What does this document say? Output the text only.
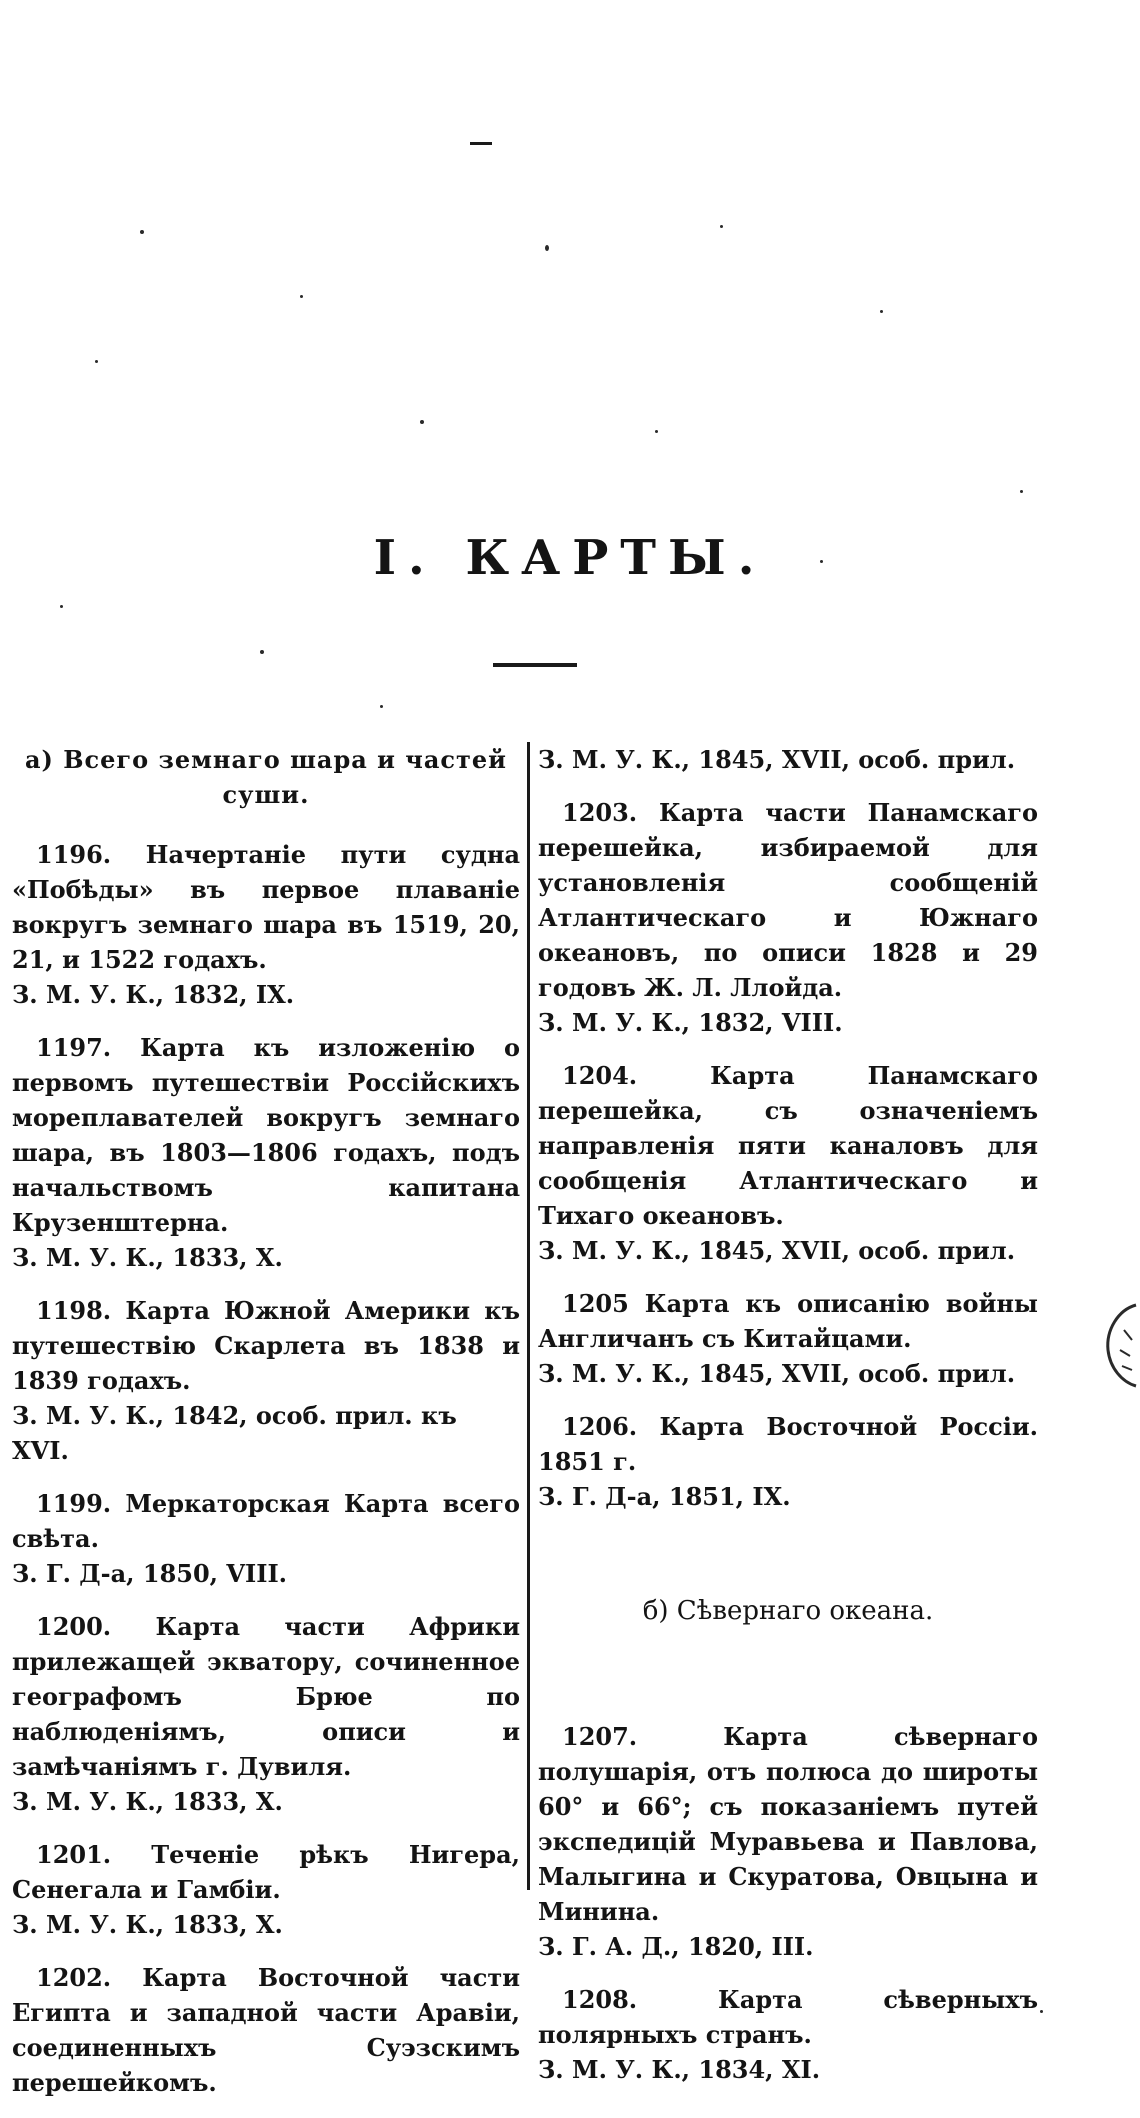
I. КАРТЫ.
а) Всего земнаго шара и частей суши.
1196. Начертаніе пути судна «Побѣды» въ первое плаваніе вокругъ земнаго шара въ 1519, 20, 21, и 1522 годахъ.
З. М. У. К., 1832, IX.
1197. Карта къ изложенію о первомъ путешествіи Россійскихъ мореплавателей вокругъ земнаго шара, въ 1803—1806 годахъ, подъ начальствомъ капитана Крузенштерна.
З. М. У. К., 1833, X.
1198. Карта Южной Америки къ путешествію Скарлета въ 1838 и 1839 годахъ.
З. М. У. К., 1842, особ. прил. къ XVI.
1199. Меркаторская Карта всего свѣта.
З. Г. Д-а, 1850, VIII.
1200. Карта части Африки прилежащей экватору, сочиненное географомъ Брюе по наблюденіямъ, описи и замѣчаніямъ г. Дувиля.
З. М. У. К., 1833, X.
1201. Теченіе рѣкъ Нигера, Сенегала и Гамбіи.
З. М. У. К., 1833, X.
1202. Карта Восточной части Египта и западной части Аравіи, соединенныхъ Суэзскимъ перешейкомъ.
З. М. У. К., 1845, XVII, особ. прил.
1203. Карта части Панамскаго перешейка, избираемой для установленія сообщеній Атлантическаго и Южнаго океановъ, по описи 1828 и 29 годовъ Ж. Л. Ллойда.
З. М. У. К., 1832, VIII.
1204. Карта Панамскаго перешейка, съ означеніемъ направленія пяти каналовъ для сообщенія Атлантическаго и Тихаго океановъ.
З. М. У. К., 1845, XVII, особ. прил.
1205 Карта къ описанію войны Англичанъ съ Китайцами.
З. М. У. К., 1845, XVII, особ. прил.
1206. Карта Восточной Россіи. 1851 г.
З. Г. Д-а, 1851, IX.
б) Сѣвернаго океана.
1207. Карта сѣвернаго полушарія, отъ полюса до широты 60° и 66°; съ показаніемъ путей экспедицій Муравьева и Павлова, Малыгина и Скуратова, Овцына и Минина.
З. Г. А. Д., 1820, III.
1208. Карта сѣверныхъ полярныхъ странъ.
З. М. У. К., 1834, XI.
